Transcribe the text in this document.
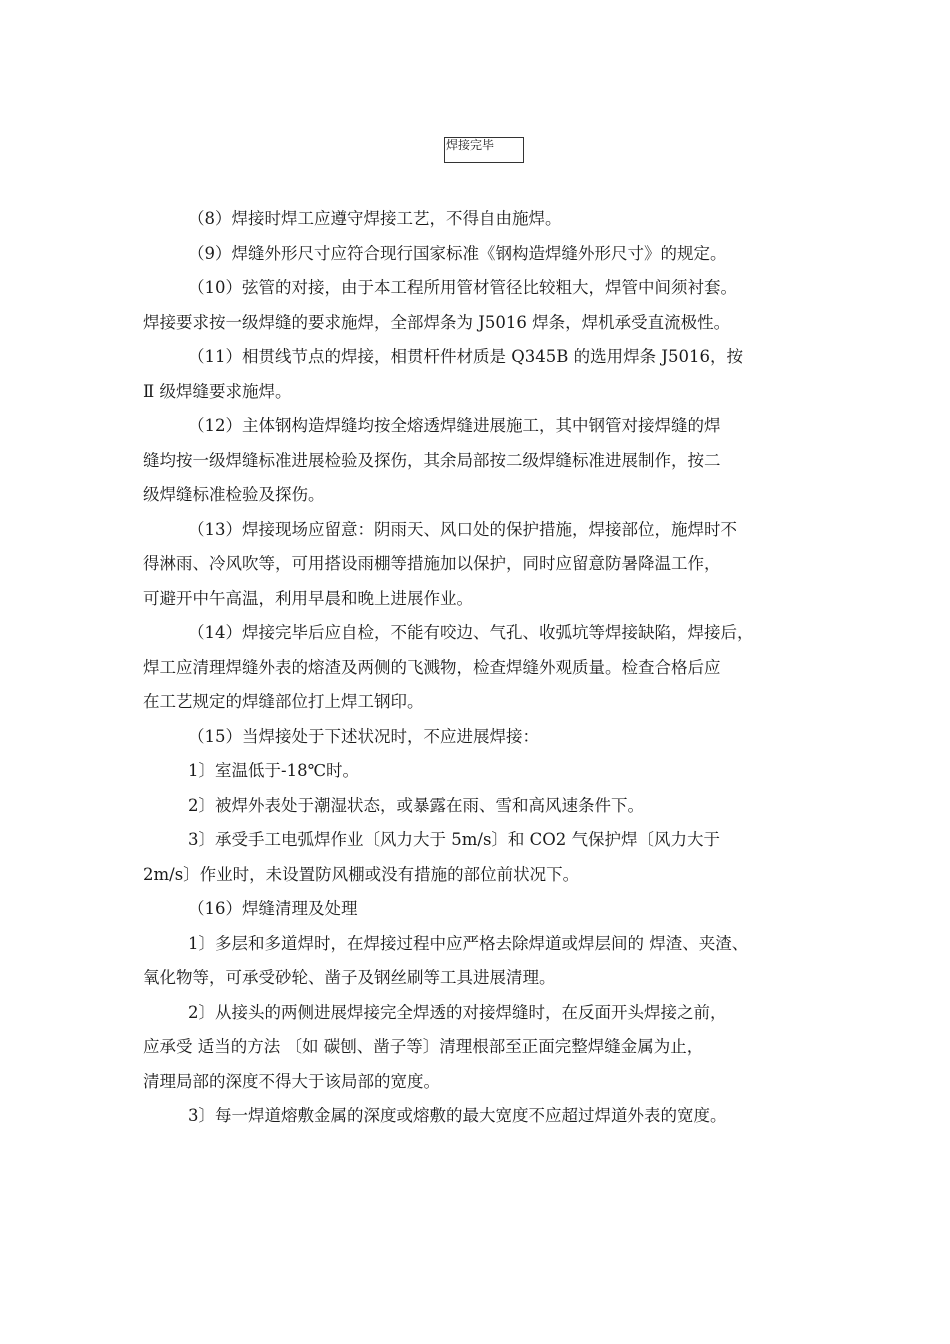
焊接完毕

（8）焊接时焊工应遵守焊接工艺，不得自由施焊。

（9）焊缝外形尺寸应符合现行国家标准《钢构造焊缝外形尺寸》的规定。

（10）弦管的对接，由于本工程所用管材管径比较粗大，焊管中间须衬套。
焊接要求按一级焊缝的要求施焊，全部焊条为 J5016 焊条，焊机承受直流极性。

（11）相贯线节点的焊接，相贯杆件材质是 Q345B 的选用焊条 J5016，按
Ⅱ 级焊缝要求施焊。

（12）主体钢构造焊缝均按全熔透焊缝进展施工，其中钢管对接焊缝的焊
缝均按一级焊缝标准进展检验及探伤，其余局部按二级焊缝标准进展制作，按二
级焊缝标准检验及探伤。

（13）焊接现场应留意：阴雨天、风口处的保护措施，焊接部位，施焊时不
得淋雨、冷风吹等，可用搭设雨棚等措施加以保护，同时应留意防暑降温工作，
可避开中午高温，利用早晨和晚上进展作业。

（14）焊接完毕后应自检，不能有咬边、气孔、收弧坑等焊接缺陷，焊接后，
焊工应清理焊缝外表的熔渣及两侧的飞溅物，检查焊缝外观质量。检查合格后应
在工艺规定的焊缝部位打上焊工钢印。

（15）当焊接处于下述状况时，不应进展焊接：

1〕室温低于-18℃时。

2〕被焊外表处于潮湿状态，或暴露在雨、雪和高风速条件下。

3〕承受手工电弧焊作业〔风力大于 5m/s〕和 CO2 气保护焊〔风力大于
2m/s〕作业时，未设置防风棚或没有措施的部位前状况下。

（16）焊缝清理及处理

1〕多层和多道焊时，在焊接过程中应严格去除焊道或焊层间的 焊渣、夹渣、
氧化物等，可承受砂轮、凿子及钢丝刷等工具进展清理。

2〕从接头的两侧进展焊接完全焊透的对接焊缝时，在反面开头焊接之前，
应承受 适当的方法 〔如 碳刨、凿子等〕清理根部至正面完整焊缝金属为止，
清理局部的深度不得大于该局部的宽度。

3〕每一焊道熔敷金属的深度或熔敷的最大宽度不应超过焊道外表的宽度。
